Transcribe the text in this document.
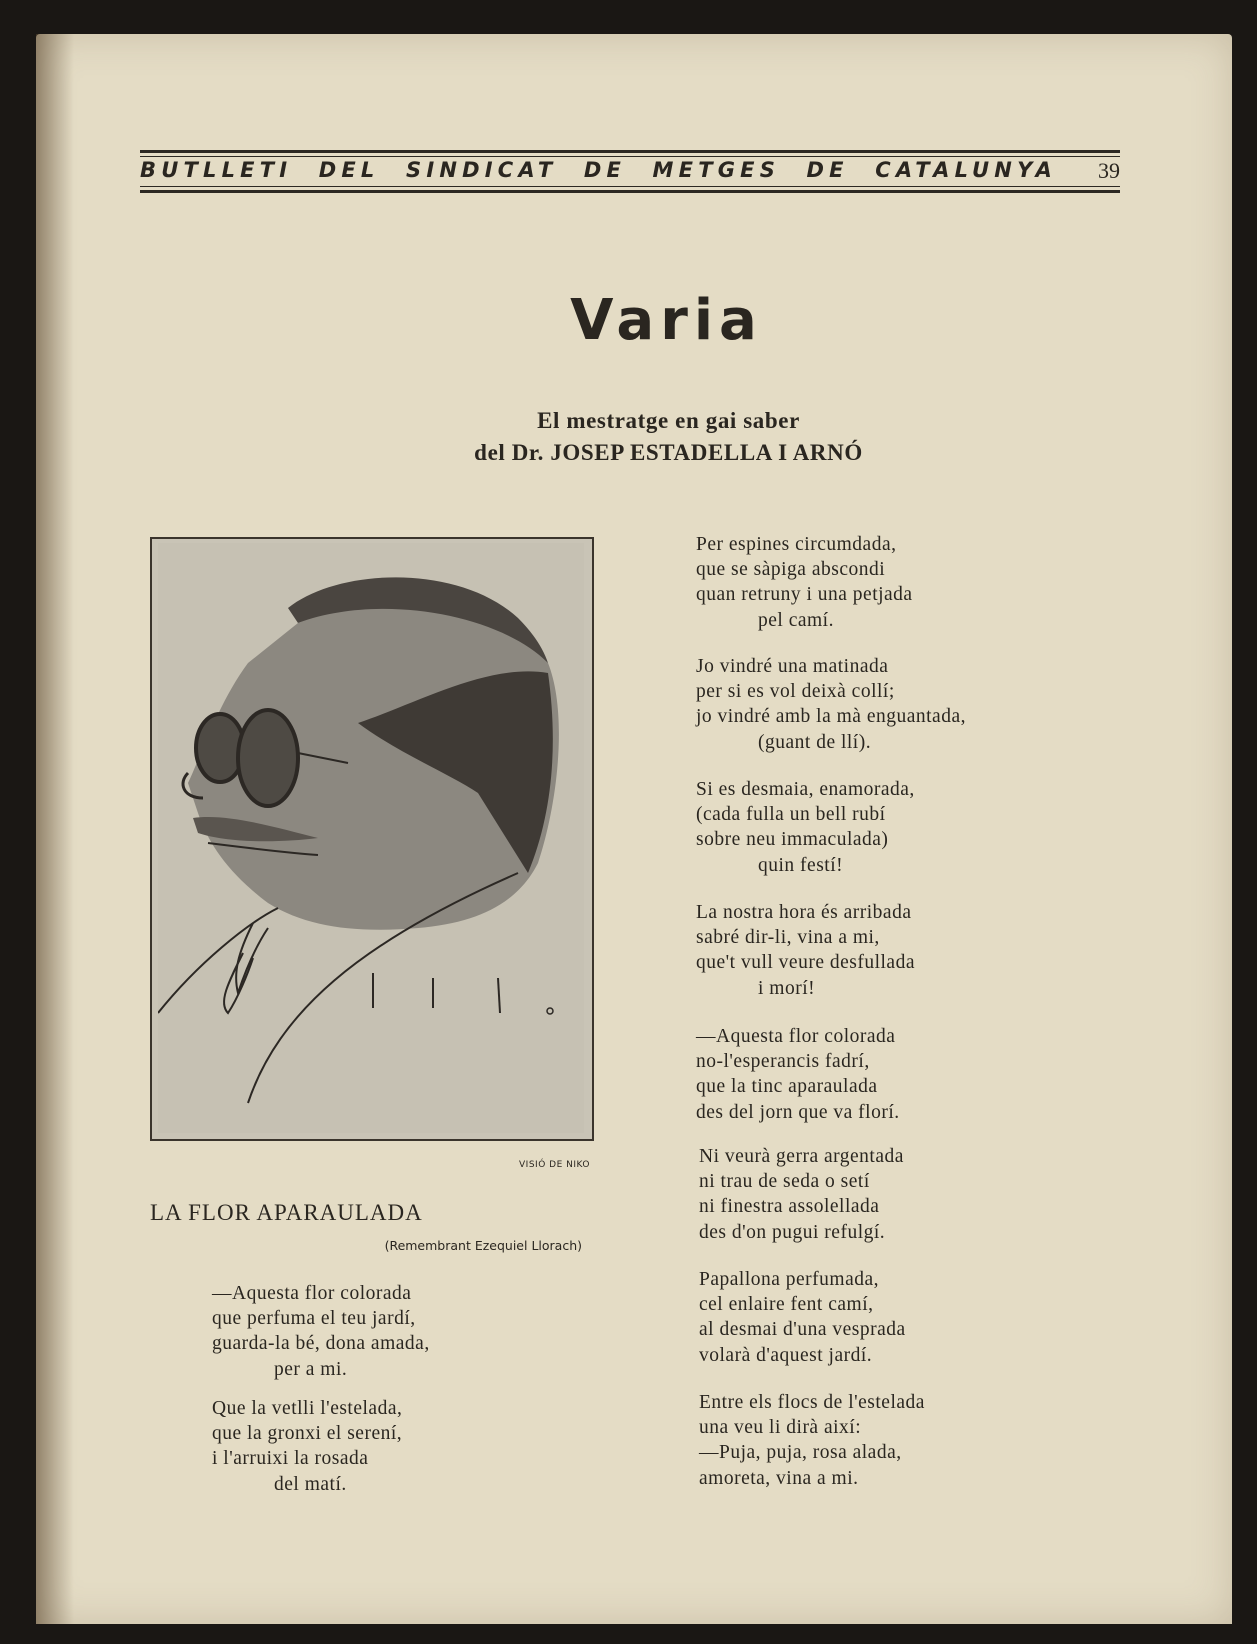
BUTLLETI DEL SINDICAT DE METGES DE CATALUNYA 39
Varia
El mestratge en gai saber
del Dr. JOSEP ESTADELLA I ARNÓ
VISIÓ DE NIKO
LA FLOR APARAULADA
(Remembrant Ezequiel Llorach)
—Aquesta flor colorada
que perfuma el teu jardí,
guarda-la bé, dona amada,
per a mi.
Que la vetlli l'estelada,
que la gronxi el serení,
i l'arruixi la rosada
del matí.
Per espines circumdada,
que se sàpiga abscondi
quan retruny i una petjada
pel camí.
Jo vindré una matinada
per si es vol deixà collí;
jo vindré amb la mà enguantada,
(guant de llí).
Si es desmaia, enamorada,
(cada fulla un bell rubí
sobre neu immaculada)
quin festí!
La nostra hora és arribada
sabré dir-li, vina a mi,
que't vull veure desfullada
i morí!
—Aquesta flor colorada
no-l'esperancis fadrí,
que la tinc aparaulada
des del jorn que va florí.
Ni veurà gerra argentada
ni trau de seda o setí
ni finestra assolellada
des d'on pugui refulgí.
Papallona perfumada,
cel enlaire fent camí,
al desmai d'una vesprada
volarà d'aquest jardí.
Entre els flocs de l'estelada
una veu li dirà així:
—Puja, puja, rosa alada,
amoreta, vina a mi.
